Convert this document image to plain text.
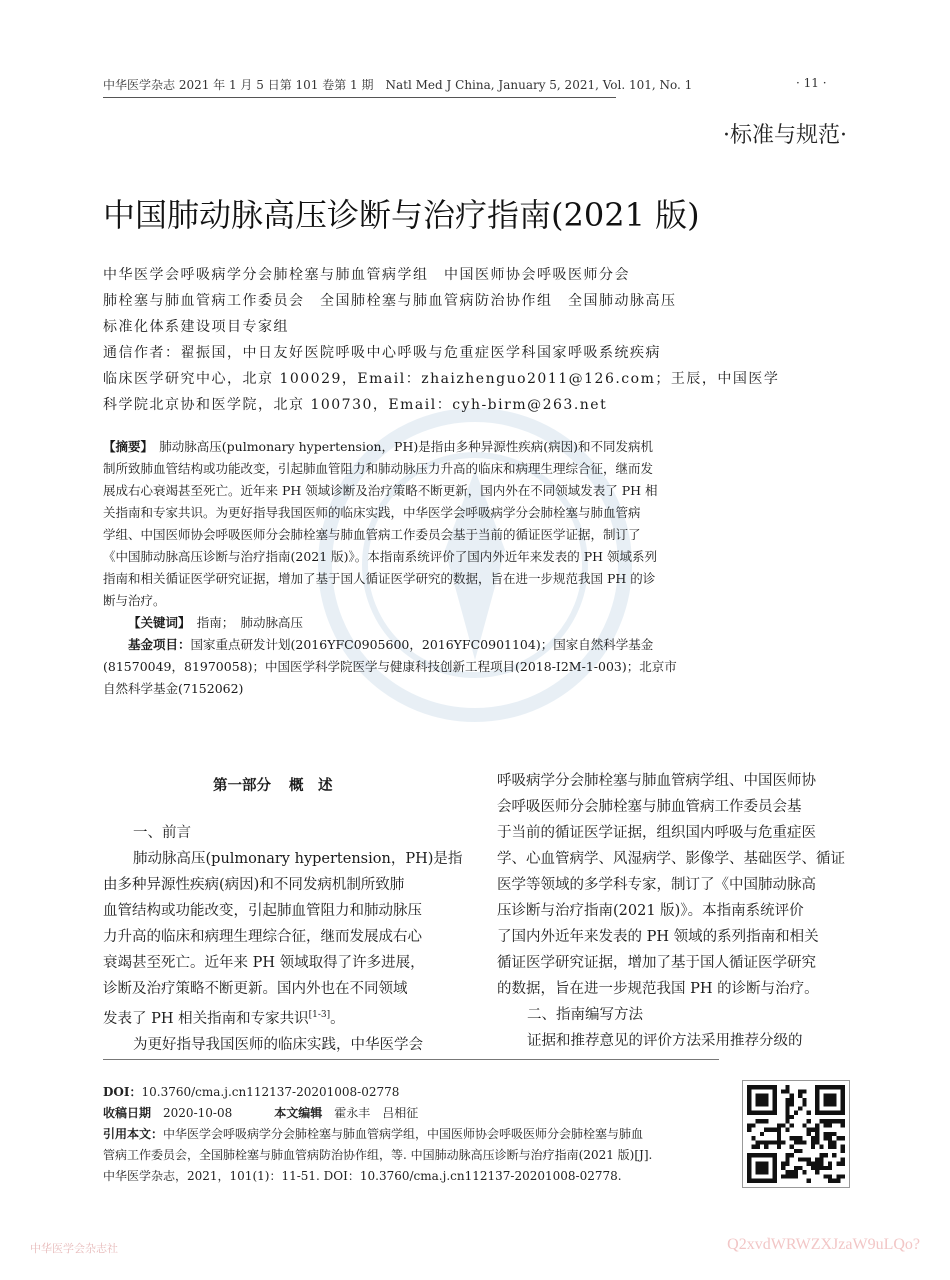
中华医学杂志 2021 年 1 月 5 日第 101 卷第 1 期　Natl Med J China, January 5, 2021, Vol. 101, No. 1	· 11 ·
·标准与规范·
中国肺动脉高压诊断与治疗指南(2021 版)

中华医学会呼吸病学分会肺栓塞与肺血管病学组　中国医师协会呼吸医师分会

肺栓塞与肺血管病工作委员会　全国肺栓塞与肺血管病防治协作组　全国肺动脉高压

标准化体系建设项目专家组

通信作者：翟振国，中日友好医院呼吸中心呼吸与危重症医学科国家呼吸系统疾病

临床医学研究中心，北京 100029，Email：zhaizhenguo2011@126.com；王辰，中国医学

科学院北京协和医学院，北京 100730，Email：cyh-birm@263.net

【摘要】　肺动脉高压(pulmonary hypertension，PH)是指由多种异源性疾病(病因)和不同发病机

制所致肺血管结构或功能改变，引起肺血管阻力和肺动脉压力升高的临床和病理生理综合征，继而发

展成右心衰竭甚至死亡。近年来 PH 领域诊断及治疗策略不断更新，国内外在不同领域发表了 PH 相

关指南和专家共识。为更好指导我国医师的临床实践，中华医学会呼吸病学分会肺栓塞与肺血管病

学组、中国医师协会呼吸医师分会肺栓塞与肺血管病工作委员会基于当前的循证医学证据，制订了

《中国肺动脉高压诊断与治疗指南(2021 版)》。本指南系统评价了国内外近年来发表的 PH 领域系列

指南和相关循证医学研究证据，增加了基于国人循证医学研究的数据，旨在进一步规范我国 PH 的诊

断与治疗。

【关键词】　指南；　肺动脉高压

基金项目：国家重点研发计划(2016YFC0905600，2016YFC0901104)；国家自然科学基金

(81570049，81970058)；中国医学科学院医学与健康科技创新工程项目(2018-I2M-1-003)；北京市

自然科学基金(7152062)

第一部分 概　述

一、前言

肺动脉高压(pulmonary hypertension，PH)是指

由多种异源性疾病(病因)和不同发病机制所致肺

血管结构或功能改变，引起肺血管阻力和肺动脉压

力升高的临床和病理生理综合征，继而发展成右心

衰竭甚至死亡。近年来 PH 领域取得了许多进展，

诊断及治疗策略不断更新。国内外也在不同领域

发表了 PH 相关指南和专家共识[1-3]。

为更好指导我国医师的临床实践，中华医学会

呼吸病学分会肺栓塞与肺血管病学组、中国医师协

会呼吸医师分会肺栓塞与肺血管病工作委员会基

于当前的循证医学证据，组织国内呼吸与危重症医

学、心血管病学、风湿病学、影像学、基础医学、循证

医学等领域的多学科专家，制订了《中国肺动脉高

压诊断与治疗指南(2021 版)》。本指南系统评价

了国内外近年来发表的 PH 领域的系列指南和相关

循证医学研究证据，增加了基于国人循证医学研究

的数据，旨在进一步规范我国 PH 的诊断与治疗。

二、指南编写方法

证据和推荐意见的评价方法采用推荐分级的

DOI：10.3760/cma.j.cn112137-20201008-02778

收稿日期　 2020-10-08	本文编辑　 霍永丰　吕相征

引用本文：中华医学会呼吸病学分会肺栓塞与肺血管病学组，中国医师协会呼吸医师分会肺栓塞与肺血

管病工作委员会，全国肺栓塞与肺血管病防治协作组，等. 中国肺动脉高压诊断与治疗指南(2021 版)[J].

中华医学杂志，2021，101(1)：11-51. DOI：10.3760/cma.j.cn112137-20201008-02778.

中华医学会杂志社	Q2xvdWRWZXJzaW9uLQo?
